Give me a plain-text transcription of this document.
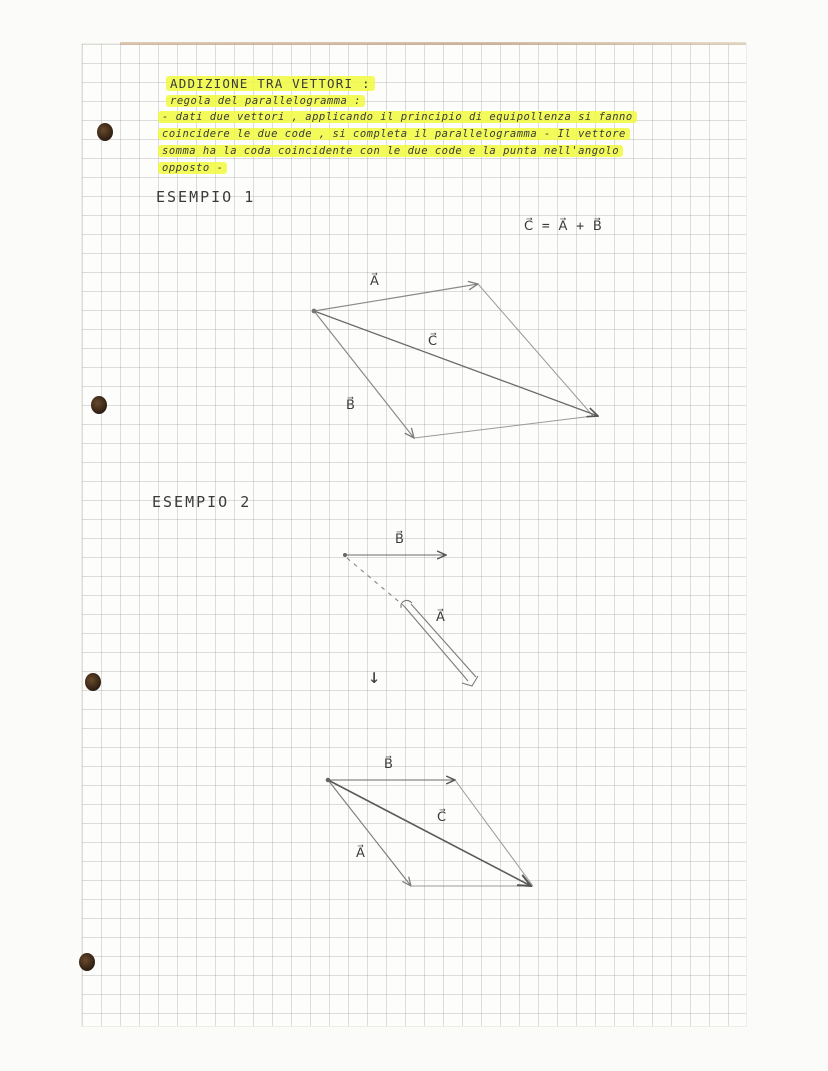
ADDIZIONE TRA VETTORI :
regola del parallelogramma :
- dati due vettori , applicando il principio di equipollenza si fanno
coincidere le due code , si completa il parallelogramma - Il vettore
somma ha la coda coincidente con le due code e la punta nell'angolo
opposto -
ESEMPIO 1
C⃗ = A⃗ + B⃗
ESEMPIO 2
A⃗
C⃗
B⃗
B⃗
A⃗
↓
B⃗
C⃗
A⃗
